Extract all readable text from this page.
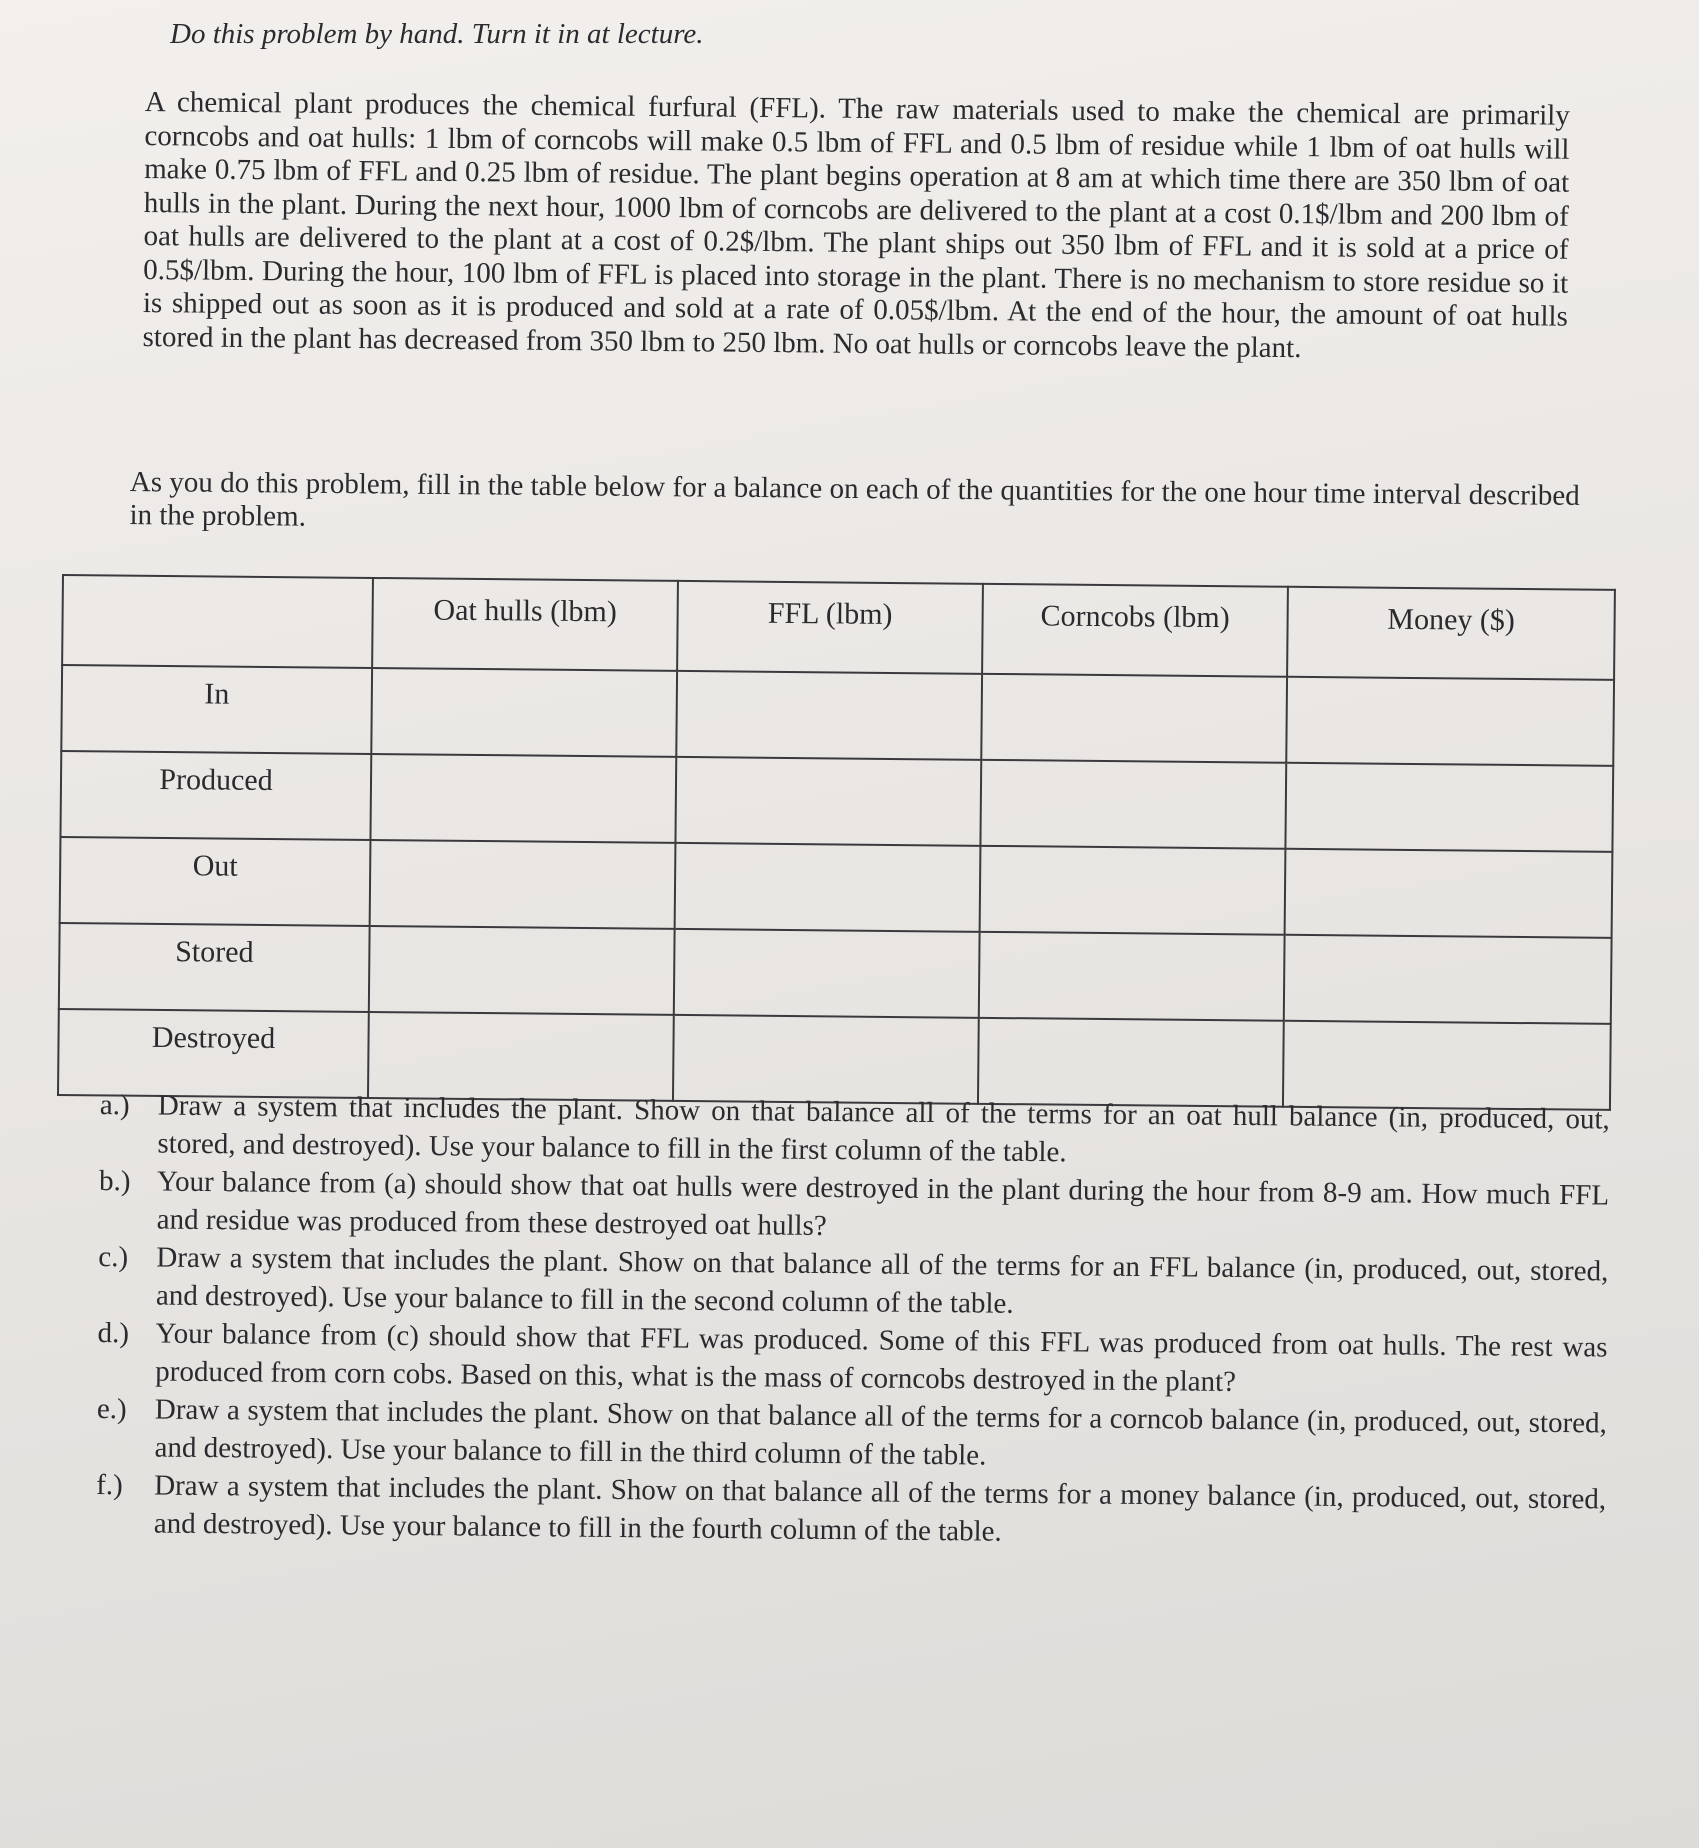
Do this problem by hand. Turn it in at lecture.

A chemical plant produces the chemical furfural (FFL). The raw materials used to make the chemical are primarily corncobs and oat hulls: 1 lbm of corncobs will make 0.5 lbm of FFL and 0.5 lbm of residue while 1 lbm of oat hulls will make 0.75 lbm of FFL and 0.25 lbm of residue. The plant begins operation at 8 am at which time there are 350 lbm of oat hulls in the plant. During the next hour, 1000 lbm of corncobs are delivered to the plant at a cost 0.1$/lbm and 200 lbm of oat hulls are delivered to the plant at a cost of 0.2$/lbm. The plant ships out 350 lbm of FFL and it is sold at a price of 0.5$/lbm. During the hour, 100 lbm of FFL is placed into storage in the plant. There is no mechanism to store residue so it is shipped out as soon as it is produced and sold at a rate of 0.05$/lbm. At the end of the hour, the amount of oat hulls stored in the plant has decreased from 350 lbm to 250 lbm. No oat hulls or corncobs leave the plant.

As you do this problem, fill in the table below for a balance on each of the quantities for the one hour time interval described in the problem.

	Oat hulls (lbm)	FFL (lbm)	Corncobs (lbm)	Money ($)
In				
Produced				
Out				
Stored				
Destroyed				
a.) Draw a system that includes the plant. Show on that balance all of the terms for an oat hull balance (in, produced, out, stored, and destroyed). Use your balance to fill in the first column of the table.
b.) Your balance from (a) should show that oat hulls were destroyed in the plant during the hour from 8-9 am. How much FFL and residue was produced from these destroyed oat hulls?
c.) Draw a system that includes the plant. Show on that balance all of the terms for an FFL balance (in, produced, out, stored, and destroyed). Use your balance to fill in the second column of the table.
d.) Your balance from (c) should show that FFL was produced. Some of this FFL was produced from oat hulls. The rest was produced from corn cobs. Based on this, what is the mass of corncobs destroyed in the plant?
e.) Draw a system that includes the plant. Show on that balance all of the terms for a corncob balance (in, produced, out, stored, and destroyed). Use your balance to fill in the third column of the table.
f.)	Draw a system that includes the plant. Show on that balance all of the terms for a money balance (in, produced, out, stored, and destroyed). Use your balance to fill in the fourth column of the table.
